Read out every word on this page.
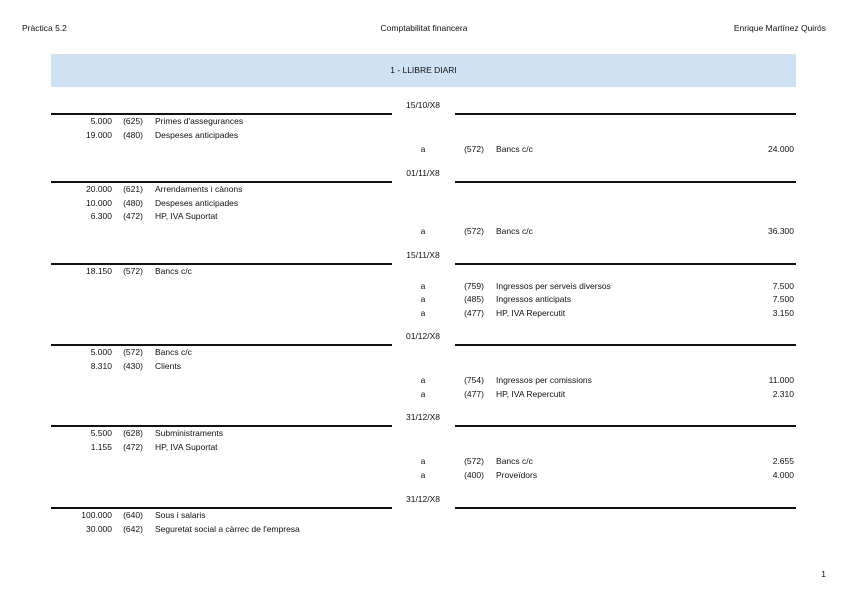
Pràctica 5.2	Comptabilitat financera	Enrique Martínez Quirós
1 - LLIBRE DIARI
15/10/X8
5.000	(625)	Primes d'assegurances
19.000	(480)	Despeses anticipades
a	(572)	Bancs c/c	24.000
01/11/X8
20.000	(621)	Arrendaments i cànons
10.000	(480)	Despeses anticipades
6.300	(472)	HP, IVA Suportat
a	(572)	Bancs c/c	36.300
15/11/X8
18.150	(572)	Bancs c/c
a	(759)	Ingressos per serveis diversos	7.500
a	(485)	Ingressos anticipats	7.500
a	(477)	HP, IVA Repercutit	3.150
01/12/X8
5.000	(572)	Bancs c/c
8.310	(430)	Clients
a	(754)	Ingressos per comissions	11.000
a	(477)	HP, IVA Repercutit	2.310
31/12/X8
5.500	(628)	Subministraments
1.155	(472)	HP, IVA Suportat
a	(572)	Bancs c/c	2.655
a	(400)	Proveïdors	4.000
31/12/X8
100.000	(640)	Sous i salaris
30.000	(642)	Seguretat social a càrrec de l'empresa
1
